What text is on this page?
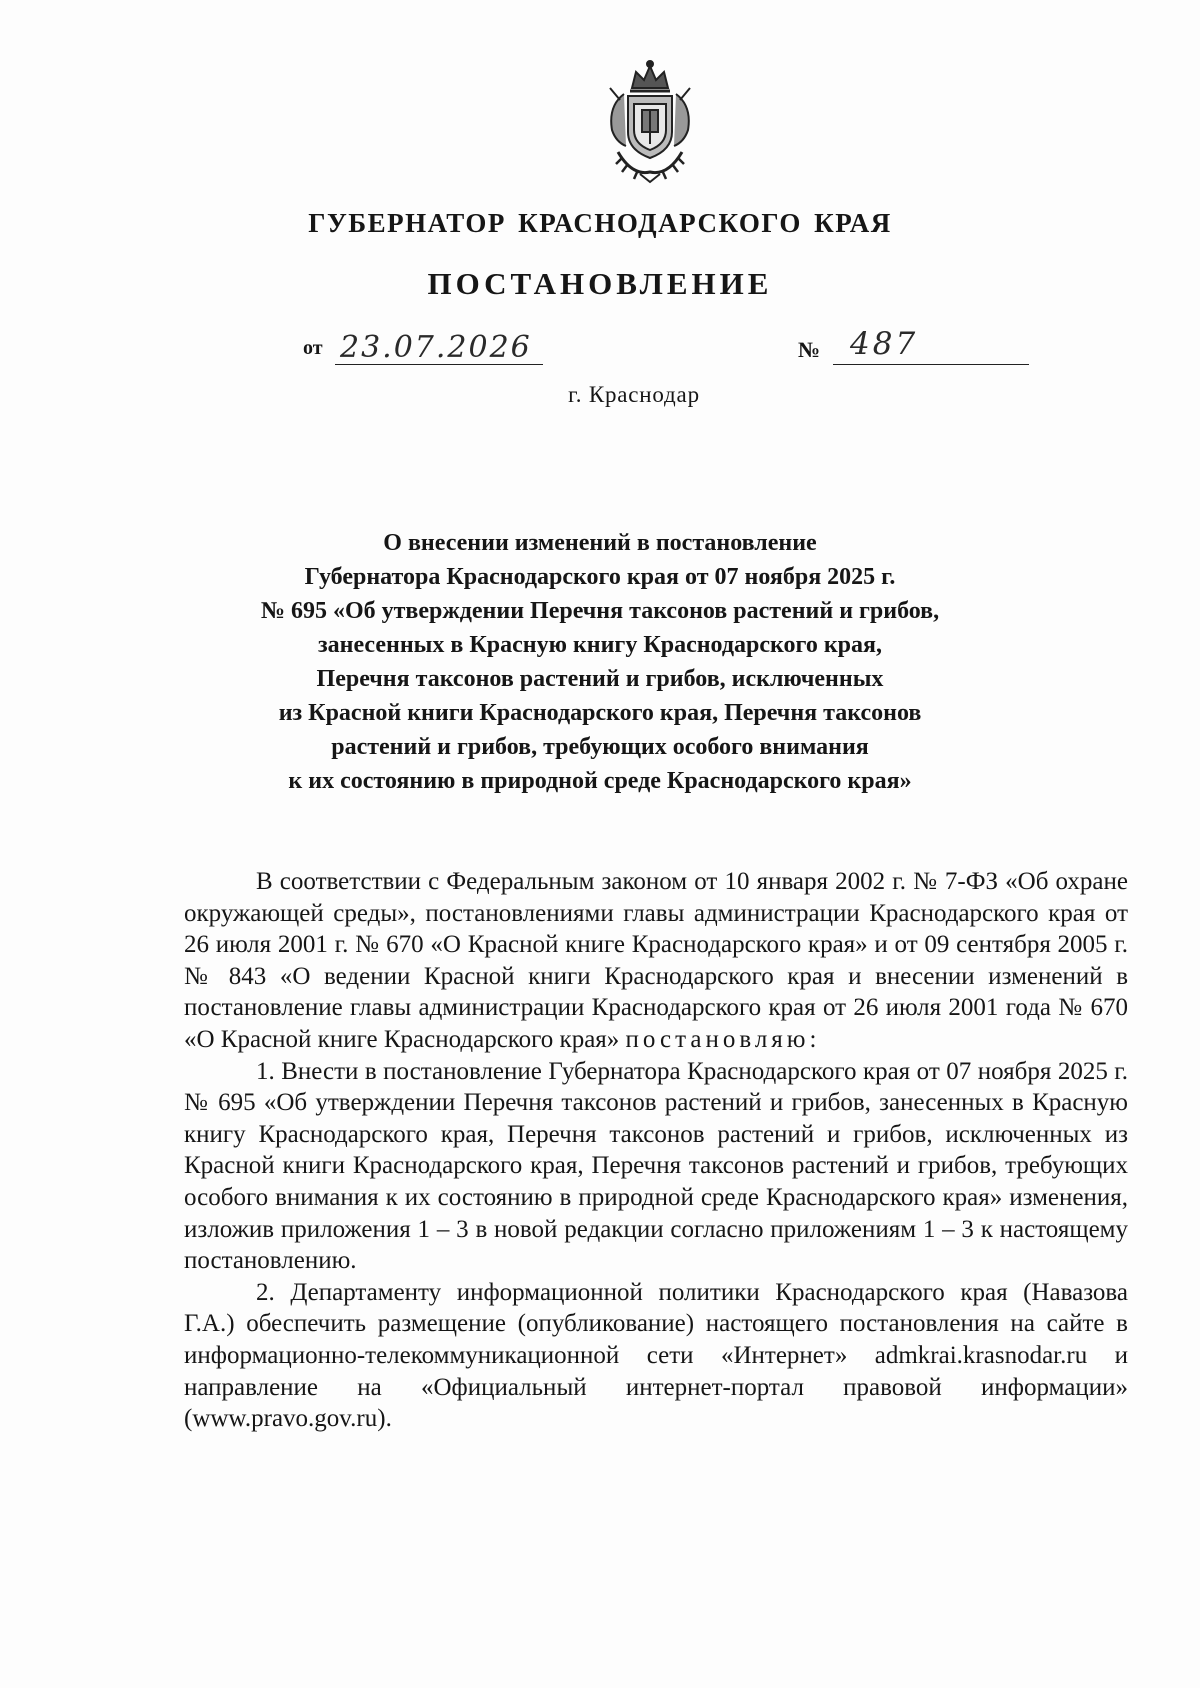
ГУБЕРНАТОР КРАСНОДАРСКОГО КРАЯ
ПОСТАНОВЛЕНИЕ
от 23.07.2026	№ 487
г. Краснодар
О внесении изменений в постановление
Губернатора Краснодарского края от 07 ноября 2025 г.
№ 695 «Об утверждении Перечня таксонов растений и грибов,
занесенных в Красную книгу Краснодарского края,
Перечня таксонов растений и грибов, исключенных
из Красной книги Краснодарского края, Перечня таксонов
растений и грибов, требующих особого внимания
к их состоянию в природной среде Краснодарского края»

В соответствии с Федеральным законом от 10 января 2002 г. № 7-ФЗ «Об охране окружающей среды», постановлениями главы администрации Краснодарского края от 26 июля 2001 г. № 670 «О Красной книге Краснодарского края» и от 09 сентября 2005 г. № 843 «О ведении Красной книги Краснодарского края и внесении изменений в постановление главы администрации Краснодарского края от 26 июля 2001 года № 670 «О Красной книге Краснодарского края» постановляю:

1. Внести в постановление Губернатора Краснодарского края от 07 ноября 2025 г. № 695 «Об утверждении Перечня таксонов растений и грибов, занесенных в Красную книгу Краснодарского края, Перечня таксонов растений и грибов, исключенных из Красной книги Краснодарского края, Перечня таксонов растений и грибов, требующих особого внимания к их состоянию в природной среде Краснодарского края» изменения, изложив приложения 1 – 3 в новой редакции согласно приложениям 1 – 3 к настоящему постановлению.

2. Департаменту информационной политики Краснодарского края (Навазова Г.А.) обеспечить размещение (опубликование) настоящего постановления на сайте в информационно-телекоммуникационной сети «Интернет» admkrai.krasnodar.ru и направление на «Официальный интернет-портал правовой информации» (www.pravo.gov.ru).
